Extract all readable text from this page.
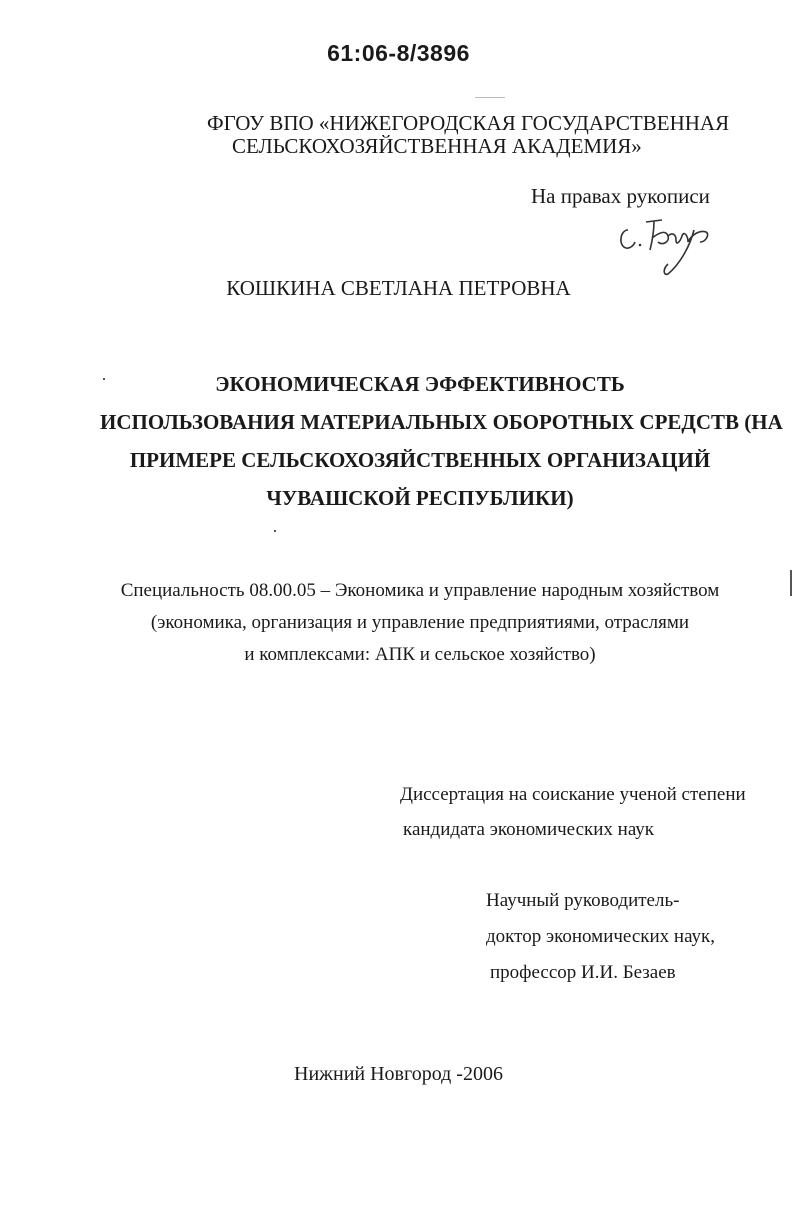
61:06-8/3896
ФГОУ ВПО «НИЖЕГОРОДСКАЯ ГОСУДАРСТВЕННАЯ
СЕЛЬСКОХОЗЯЙСТВЕННАЯ АКАДЕМИЯ»
На правах рукописи
КОШКИНА СВЕТЛАНА ПЕТРОВНА
ЭКОНОМИЧЕСКАЯ ЭФФЕКТИВНОСТЬ
ИСПОЛЬЗОВАНИЯ МАТЕРИАЛЬНЫХ ОБОРОТНЫХ СРЕДСТВ (НА
ПРИМЕРЕ СЕЛЬСКОХОЗЯЙСТВЕННЫХ ОРГАНИЗАЦИЙ
ЧУВАШСКОЙ РЕСПУБЛИКИ)
Специальность 08.00.05 – Экономика и управление народным хозяйством
(экономика, организация и управление предприятиями, отраслями
и комплексами: АПК и сельское хозяйство)
Диссертация на соискание ученой степени
кандидата экономических наук
Научный руководитель-
доктор экономических наук,
профессор И.И. Безаев
Нижний Новгород -2006
